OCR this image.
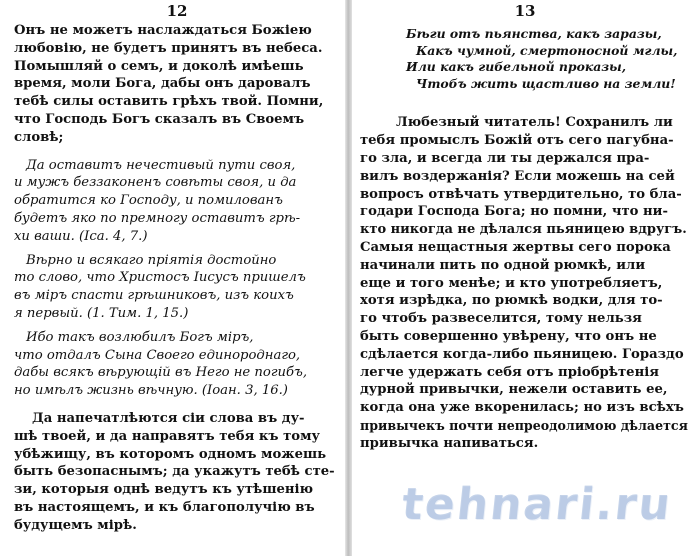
12
Онъ не можетъ наслаждаться Божіею
любовію, не будетъ принятъ въ небеса.
Помышляй о семъ, и доколѣ имѣешь
время, моли Бога, дабы онъ даровалъ
тебѣ силы оставить грѣхъ твой. Помни,
что Господь Богъ сказалъ въ Своемъ
словѣ;
Да оставитъ нечестивый пути своя,
и мужъ беззаконенъ совѣты своя, и да
обратится ко Господу, и помилованъ
будетъ яко по премногу оставитъ грѣ-
хи ваши. (Іса. 4, 7.)
Вѣрно и всякаго пріятія достойно
то слово, что Христосъ Іисусъ пришелъ
въ міръ спасти грѣшниковъ, изъ коихъ
я первый. (1. Тим. 1, 15.)
Ибо такъ возлюбилъ Богъ міръ,
что отдалъ Сына Своего единороднаго,
дабы всякъ вѣрующій въ Него не погибъ,
но имѣлъ жизнь вѣчную. (Іоан. 3, 16.)
Да напечатлѣются сіи слова въ ду-
шѣ твоей, и да направятъ тебя къ тому
убѣжищу, въ которомъ одномъ можешь
быть безопаснымъ; да укажутъ тебѣ сте-
зи, которыя однѣ ведутъ къ утѣшенію
въ настоящемъ, и къ благополучію въ
будущемъ мірѣ.
13
Бѣги отъ пьянства, какъ заразы,
Какъ чумной, смертоносной мглы,
Или какъ гибельной проказы,
Чтобъ жить щастливо на земли!
Любезный читатель! Сохранилъ ли
тебя промыслъ Божій отъ сего пагубна-
го зла, и всегда ли ты держался пра-
вилъ воздержанія? Если можешь на сей
вопросъ отвѣчать утвердительно, то бла-
годари Господа Бога; но помни, что ни-
кто никогда не дѣлался пьяницею вдругъ.
Самыя нещастныя жертвы сего порока
начинали пить по одной рюмкѣ, или
еще и того менѣе; и кто употребляетъ,
хотя изрѣдка, по рюмкѣ водки, для то-
го чтобъ развеселится, тому нельзя
быть совершенно увѣрену, что онъ не
сдѣлается когда-либо пьяницею. Гораздо
легче удержать себя отъ пріобрѣтенія
дурной привычки, нежели оставить ее,
когда она уже вкоренилась; но изъ всѣхъ
привычекъ почти непреодолимою дѣлается
привычка напиваться.
tehnari.ru
